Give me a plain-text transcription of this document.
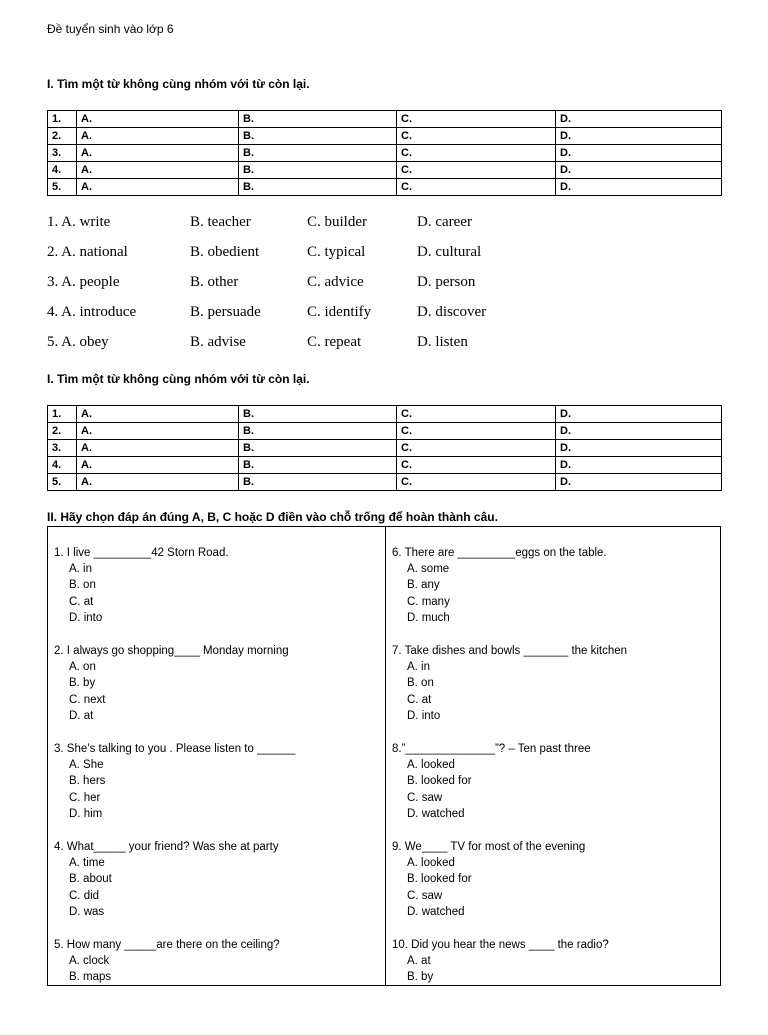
Đề tuyển sinh vào lớp 6
I. Tìm một từ không cùng nhóm với từ còn lại.
1.	A.	B.	C.	D.
2.	A.	B.	C.	D.
3.	A.	B.	C.	D.
4.	A.	B.	C.	D.
5.	A.	B.	C.	D.
1. A. write	B. teacher	C. builder	D. career
2. A. national	B. obedient	C. typical	D. cultural
3. A. people	B. other	C. advice	D. person
4. A. introduce	B. persuade	C. identify	D. discover
5. A. obey	B. advise	C. repeat	D. listen
I. Tìm một từ không cùng nhóm với từ còn lại.
1.	A.	B.	C.	D.
2.	A.	B.	C.	D.
3.	A.	B.	C.	D.
4.	A.	B.	C.	D.
5.	A.	B.	C.	D.
II. Hãy chọn đáp án đúng A, B, C hoặc D điền vào chỗ trống để hoàn thành câu.
1. I live _________42 Storn Road.
A. in
B. on
C. at
D. into
2. I always go shopping____ Monday morning
A. on
B. by
C. next
D. at
3. She’s talking to you . Please listen to ______
A. She
B. hers
C. her
D. him
4. What_____ your friend? Was she at party
A. time
B. about
C. did
D. was
5. How many _____are there on the ceiling?
A. clock
B. maps
6. There are _________eggs on the table.
A. some
B. any
C. many
D. much
7. Take dishes and bowls _______ the kitchen
A. in
B. on
C. at
D. into
8.”______________”? – Ten past three
A. looked
B. looked for
C. saw
D. watched
9. We____ TV for most of the evening
A. looked
B. looked for
C. saw
D. watched
10. Did you hear the news ____ the radio?
A. at
B. by
